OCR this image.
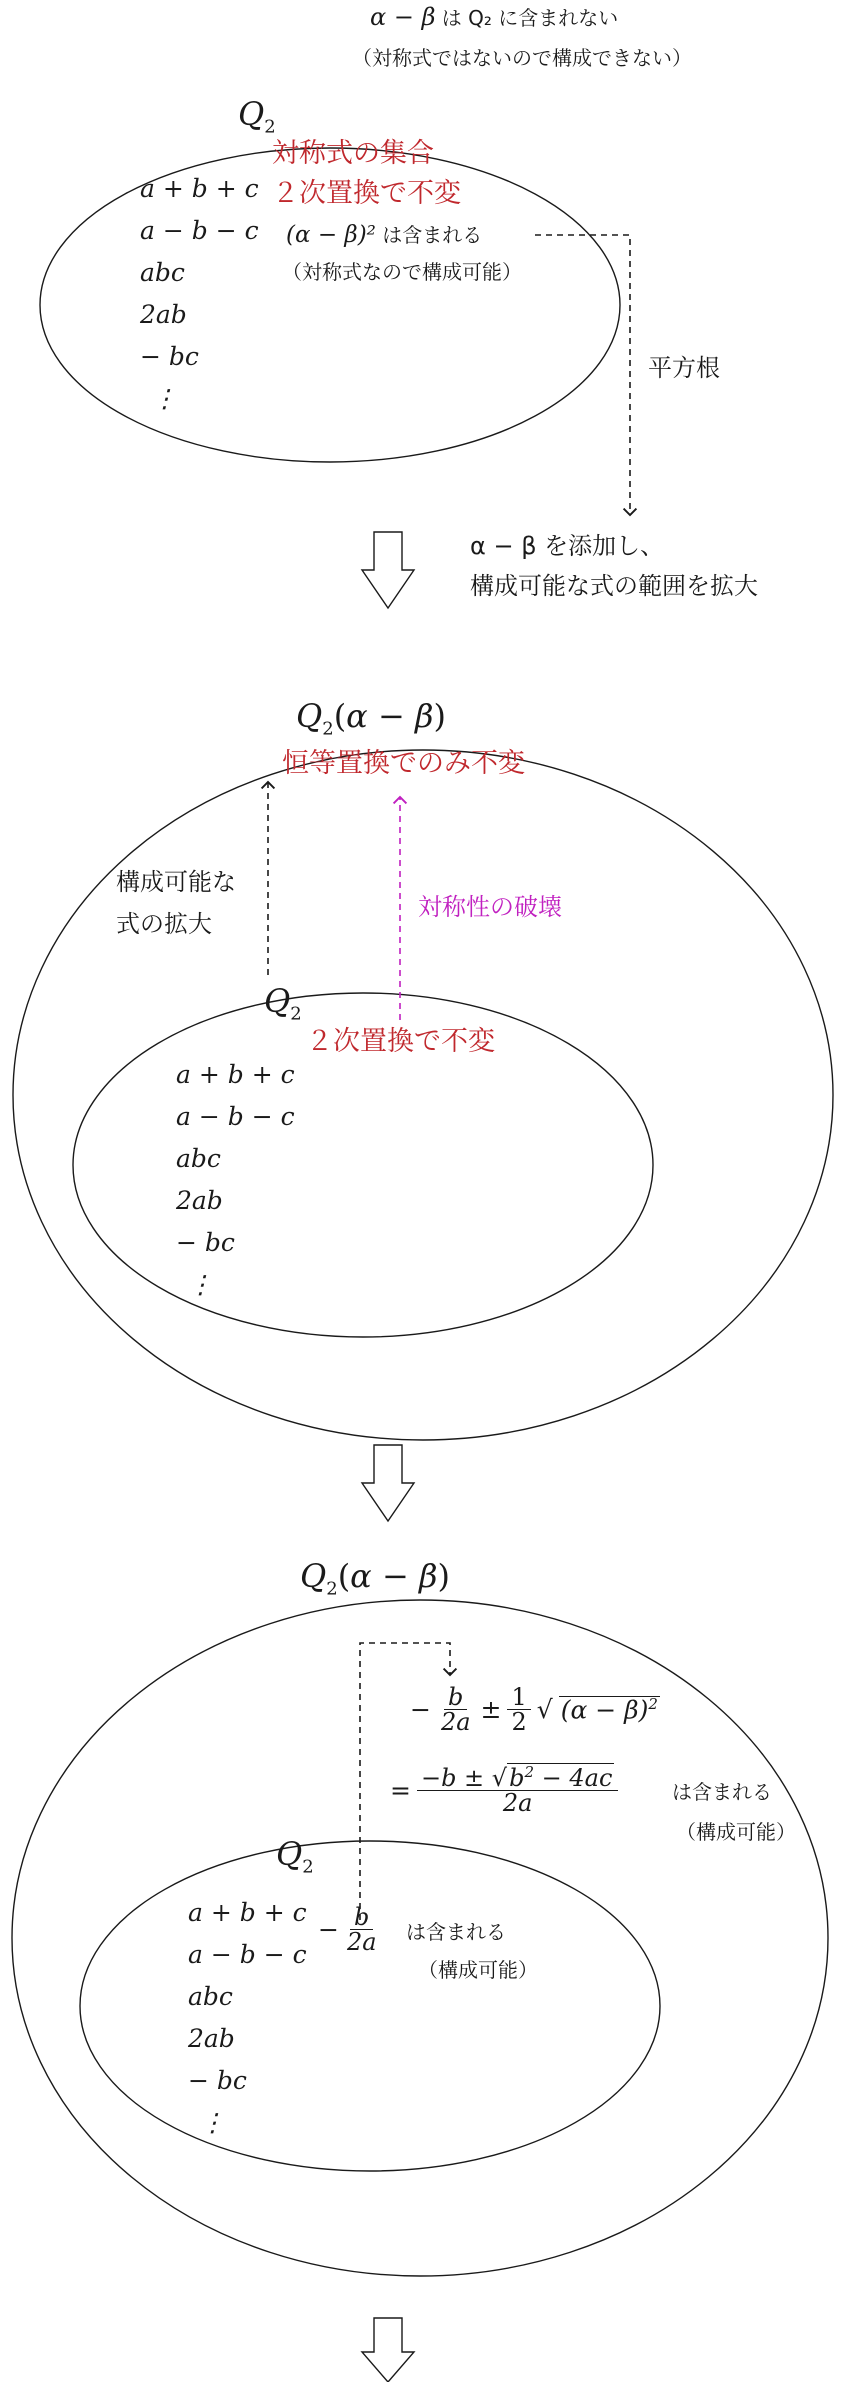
α − β は Q₂ に含まれない
（対称式ではないので構成できない）
$Q_2$
対称式の集合
２次置換で不変
a + b + c
a − b − c
abc
2ab
− bc
⋮
(α − β)² は含まれる
（対称式なので構成可能）
平方根
α − β を添加し、
構成可能な式の範囲を拡大
$Q_2(\alpha - \beta)$
恒等置換でのみ不変
構成可能な
式の拡大
対称性の破壊
$Q_2$
２次置換で不変
a + b + c
a − b − c
abc
2ab
− bc
⋮
$Q_2(\alpha - \beta)$
− $\frac{b}{2a} \pm \frac{1}{2}$ √ $(\alpha - \beta)^2$
= $\frac{-b \pm √b^2 - 4ac}{2a}$	は含まれる
（構成可能）
$Q_2$
a + b + c
a − b − c
abc
2ab
− bc
⋮
− $\frac{b}{2a}$ は含まれる
（構成可能）
